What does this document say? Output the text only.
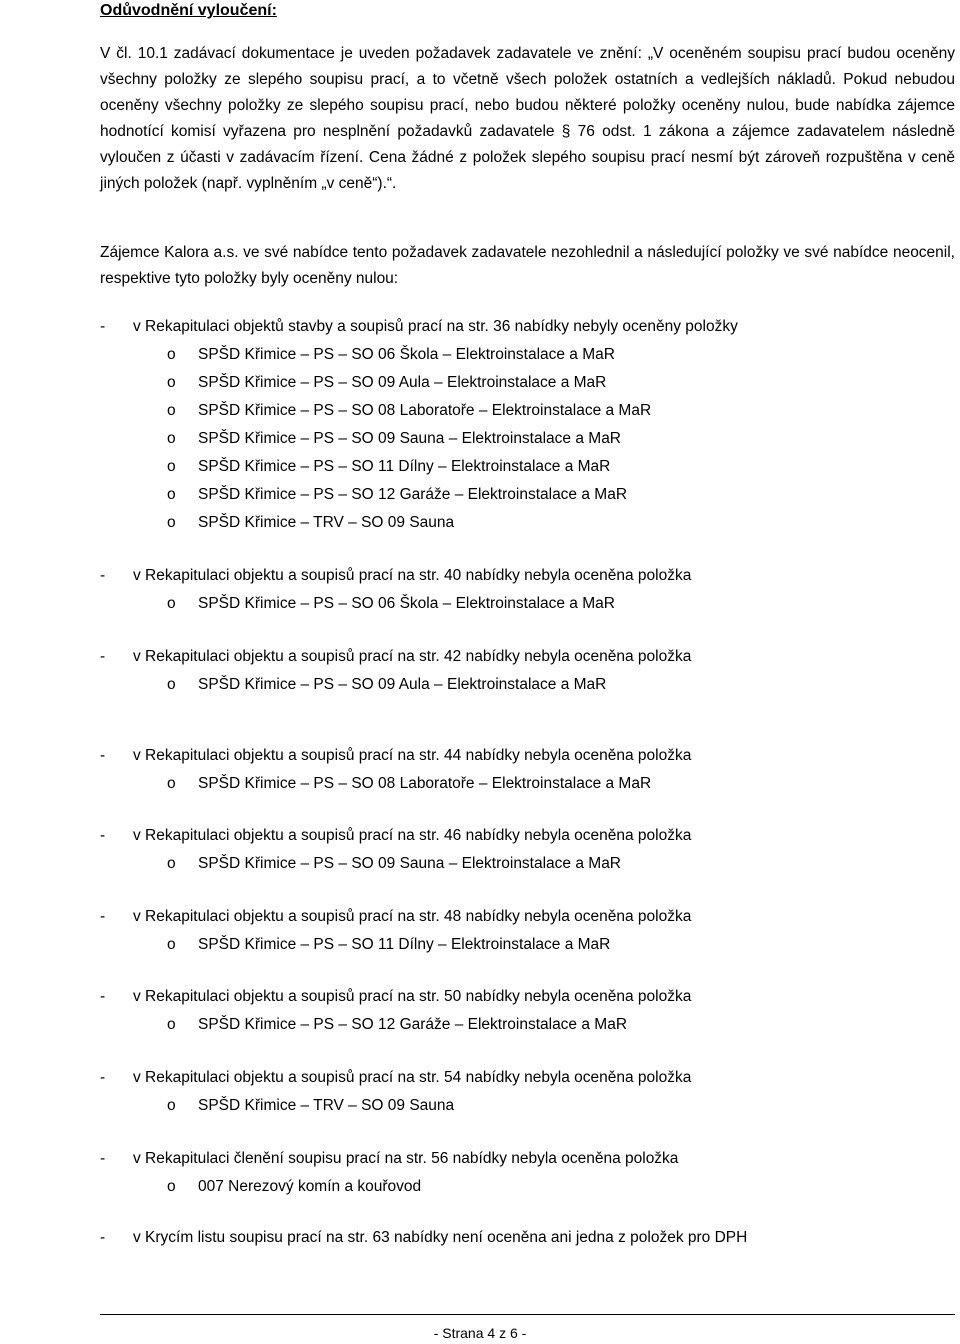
Odůvodnění vyloučení:
V čl. 10.1 zadávací dokumentace je uveden požadavek zadavatele ve znění: „V oceněném soupisu prací budou oceněny všechny položky ze slepého soupisu prací, a to včetně všech položek ostatních a vedlejších nákladů. Pokud nebudou oceněny všechny položky ze slepého soupisu prací, nebo budou některé položky oceněny nulou, bude nabídka zájemce hodnotící komisí vyřazena pro nesplnění požadavků zadavatele § 76 odst. 1 zákona a zájemce zadavatelem následně vyloučen z účasti v zadávacím řízení. Cena žádné z položek slepého soupisu prací nesmí být zároveň rozpuštěna v ceně jiných položek (např. vyplněním „v ceně“).“.
Zájemce Kalora a.s. ve své nabídce tento požadavek zadavatele nezohlednil a následující položky ve své nabídce neocenil, respektive tyto položky byly oceněny nulou:
- v Rekapitulaci objektů stavby a soupisů prací na str. 36 nabídky nebyly oceněny položky
o SPŠD Křimice – PS – SO 06 Škola – Elektroinstalace a MaR
o SPŠD Křimice – PS – SO 09 Aula – Elektroinstalace a MaR
o SPŠD Křimice – PS – SO 08 Laboratoře – Elektroinstalace a MaR
o SPŠD Křimice – PS – SO 09 Sauna – Elektroinstalace a MaR
o SPŠD Křimice – PS – SO 11 Dílny – Elektroinstalace a MaR
o SPŠD Křimice – PS – SO 12 Garáže – Elektroinstalace a MaR
o SPŠD Křimice – TRV – SO 09 Sauna
- v Rekapitulaci objektu a soupisů prací na str. 40 nabídky nebyla oceněna položka
o SPŠD Křimice – PS – SO 06 Škola – Elektroinstalace a MaR
- v Rekapitulaci objektu a soupisů prací na str. 42 nabídky nebyla oceněna položka
o SPŠD Křimice – PS – SO 09 Aula – Elektroinstalace a MaR
- v Rekapitulaci objektu a soupisů prací na str. 44 nabídky nebyla oceněna položka
o SPŠD Křimice – PS – SO 08 Laboratoře – Elektroinstalace a MaR
- v Rekapitulaci objektu a soupisů prací na str. 46 nabídky nebyla oceněna položka
o SPŠD Křimice – PS – SO 09 Sauna – Elektroinstalace a MaR
- v Rekapitulaci objektu a soupisů prací na str. 48 nabídky nebyla oceněna položka
o SPŠD Křimice – PS – SO 11 Dílny – Elektroinstalace a MaR
- v Rekapitulaci objektu a soupisů prací na str. 50 nabídky nebyla oceněna položka
o SPŠD Křimice – PS – SO 12 Garáže – Elektroinstalace a MaR
- v Rekapitulaci objektu a soupisů prací na str. 54 nabídky nebyla oceněna položka
o SPŠD Křimice – TRV – SO 09 Sauna
- v Rekapitulaci členění soupisu prací na str. 56 nabídky nebyla oceněna položka
o 007 Nerezový komín a kouřovod
- v Krycím listu soupisu prací na str. 63 nabídky není oceněna ani jedna z položek pro DPH
- Strana 4 z 6 -
